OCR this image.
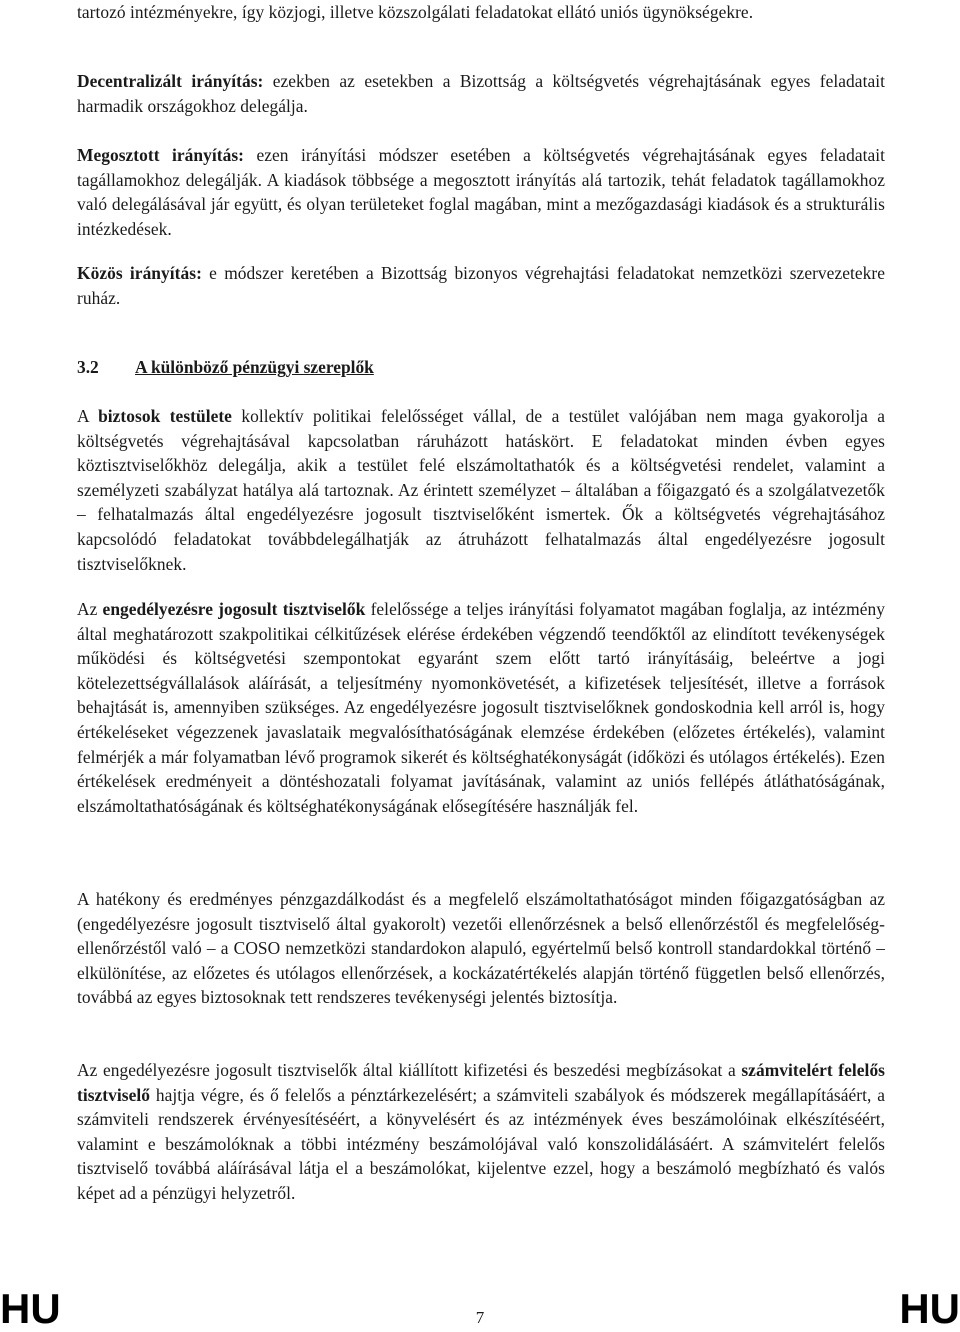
tartozó intézményekre, így közjogi, illetve közszolgálati feladatokat ellátó uniós ügynökségekre.

Decentralizált irányítás: ezekben az esetekben a Bizottság a költségvetés végrehajtásának egyes feladatait harmadik országokhoz delegálja.

Megosztott irányítás: ezen irányítási módszer esetében a költségvetés végrehajtásának egyes feladatait tagállamokhoz delegálják. A kiadások többsége a megosztott irányítás alá tartozik, tehát feladatok tagállamokhoz való delegálásával jár együtt, és olyan területeket foglal magában, mint a mezőgazdasági kiadások és a strukturális intézkedések.

Közös irányítás: e módszer keretében a Bizottság bizonyos végrehajtási feladatokat nemzetközi szervezetekre ruház.

3.2	A különböző pénzügyi szereplők

A biztosok testülete kollektív politikai felelősséget vállal, de a testület valójában nem maga gyakorolja a költségvetés végrehajtásával kapcsolatban ráruházott hatáskört. E feladatokat minden évben egyes köztisztviselőkhöz delegálja, akik a testület felé elszámoltathatók és a költségvetési rendelet, valamint a személyzeti szabályzat hatálya alá tartoznak. Az érintett személyzet – általában a főigazgató és a szolgálatvezetők – felhatalmazás által engedélyezésre jogosult tisztviselőként ismertek. Ők a költségvetés végrehajtásához kapcsolódó feladatokat továbbdelegálhatják az átruházott felhatalmazás által engedélyezésre jogosult tisztviselőknek.

Az engedélyezésre jogosult tisztviselők felelőssége a teljes irányítási folyamatot magában foglalja, az intézmény által meghatározott szakpolitikai célkitűzések elérése érdekében végzendő teendőktől az elindított tevékenységek működési és költségvetési szempontokat egyaránt szem előtt tartó irányításáig, beleértve a jogi kötelezettségvállalások aláírását, a teljesítmény nyomonkövetését, a kifizetések teljesítését, illetve a források behajtását is, amennyiben szükséges. Az engedélyezésre jogosult tisztviselőknek gondoskodnia kell arról is, hogy értékeléseket végezzenek javaslataik megvalósíthatóságának elemzése érdekében (előzetes értékelés), valamint felmérjék a már folyamatban lévő programok sikerét és költséghatékonyságát (időközi és utólagos értékelés). Ezen értékelések eredményeit a döntéshozatali folyamat javításának, valamint az uniós fellépés átláthatóságának, elszámoltathatóságának és költséghatékonyságának elősegítésére használják fel.

A hatékony és eredményes pénzgazdálkodást és a megfelelő elszámoltathatóságot minden főigazgatóságban az (engedélyezésre jogosult tisztviselő által gyakorolt) vezetői ellenőrzésnek a belső ellenőrzéstől és megfelelőség-ellenőrzéstől való – a COSO nemzetközi standardokon alapuló, egyértelmű belső kontroll standardokkal történő – elkülönítése, az előzetes és utólagos ellenőrzések, a kockázatértékelés alapján történő független belső ellenőrzés, továbbá az egyes biztosoknak tett rendszeres tevékenységi jelentés biztosítja.

Az engedélyezésre jogosult tisztviselők által kiállított kifizetési és beszedési megbízásokat a számvitelért felelős tisztviselő hajtja végre, és ő felelős a pénztárkezelésért; a számviteli szabályok és módszerek megállapításáért, a számviteli rendszerek érvényesítéséért, a könyvelésért és az intézmények éves beszámolóinak elkészítéséért, valamint e beszámolóknak a többi intézmény beszámolójával való konszolidálásáért. A számvitelért felelős tisztviselő továbbá aláírásával látja el a beszámolókat, kijelentve ezzel, hogy a beszámoló megbízható és valós képet ad a pénzügyi helyzetről.

HU	7	HU
